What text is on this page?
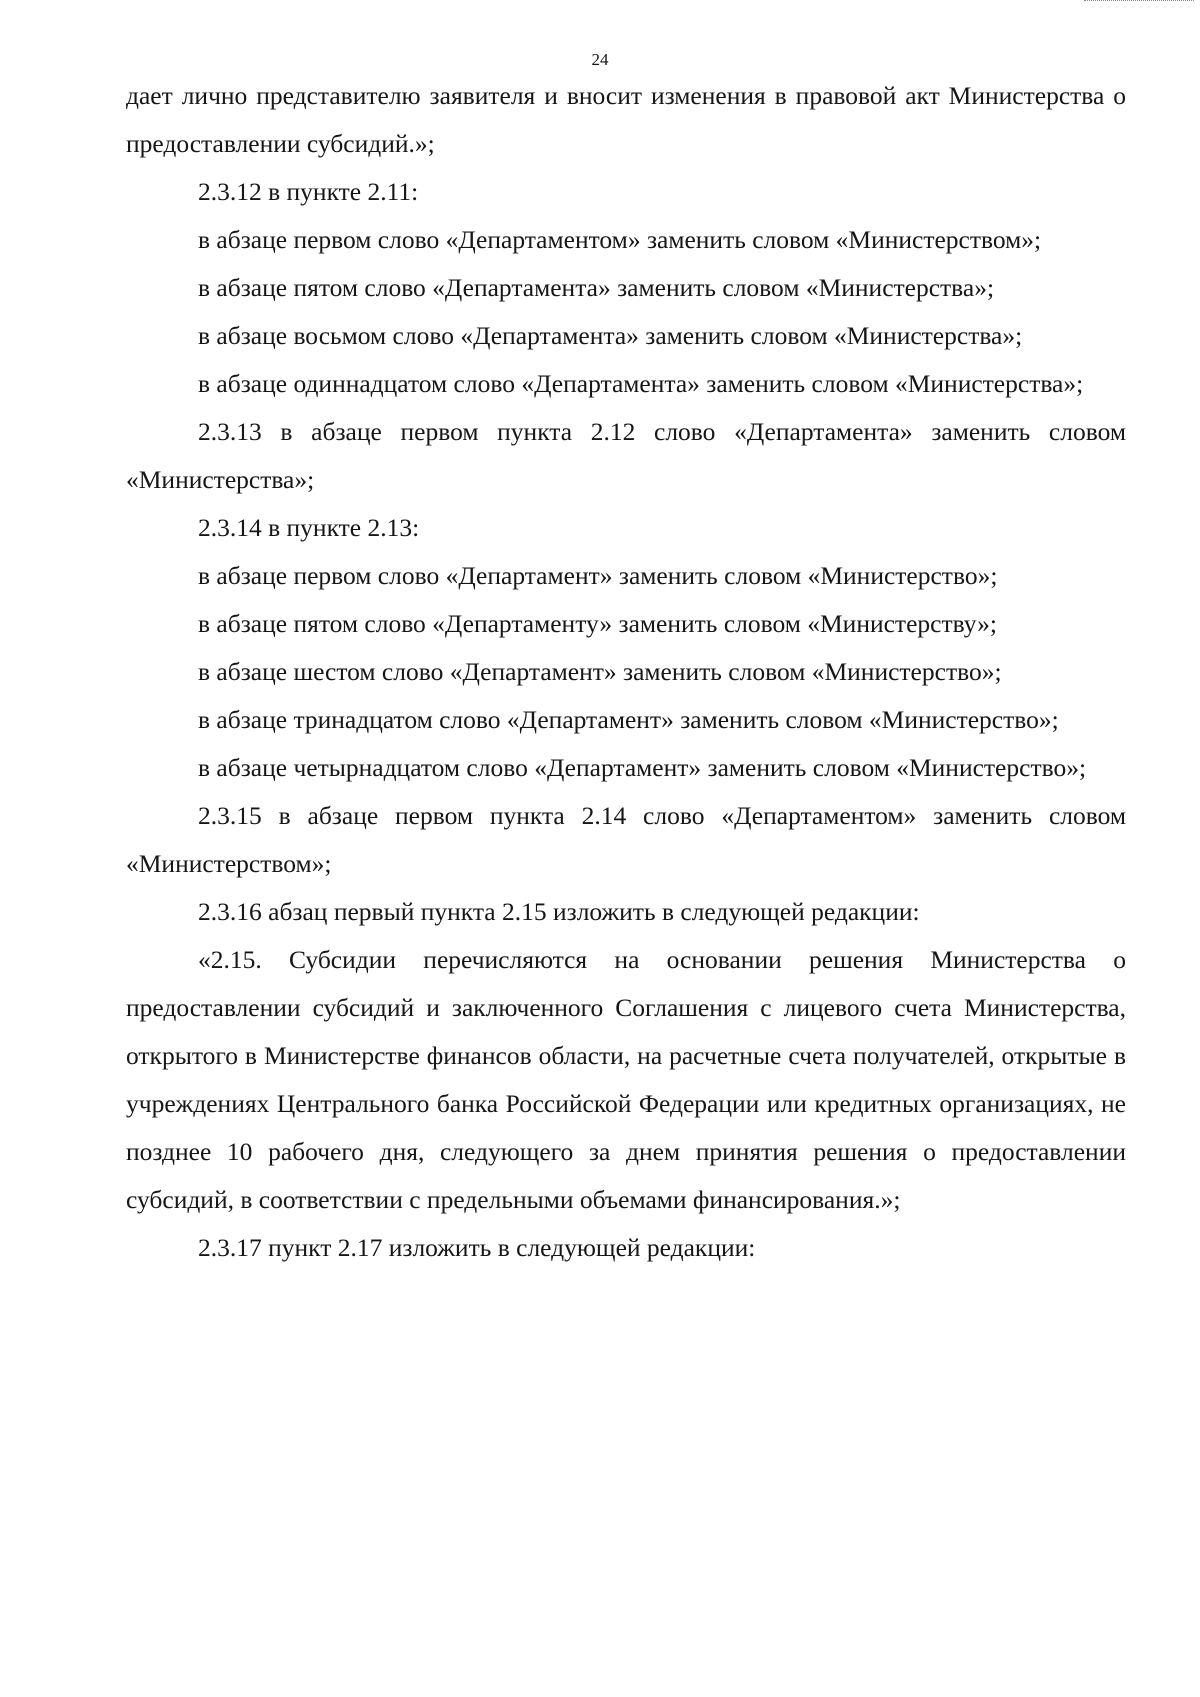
24

дает лично представителю заявителя и вносит изменения в правовой акт Министерства о предоставлении субсидий.»;

2.3.12 в пункте 2.11:

в абзаце первом слово «Департаментом» заменить словом «Министерством»;

в абзаце пятом слово «Департамента» заменить словом «Министерства»;

в абзаце восьмом слово «Департамента» заменить словом «Министерства»;

в абзаце одиннадцатом слово «Департамента» заменить словом «Министерства»;

2.3.13 в абзаце первом пункта 2.12 слово «Департамента» заменить словом «Министерства»;

2.3.14 в пункте 2.13:

в абзаце первом слово «Департамент» заменить словом «Министерство»;

в абзаце пятом слово «Департаменту» заменить словом «Министерству»;

в абзаце шестом слово «Департамент» заменить словом «Министерство»;

в абзаце тринадцатом слово «Департамент» заменить словом «Министерство»;

в абзаце четырнадцатом слово «Департамент» заменить словом «Министерство»;

2.3.15 в абзаце первом пункта 2.14 слово «Департаментом» заменить словом «Министерством»;

2.3.16 абзац первый пункта 2.15 изложить в следующей редакции:

«2.15. Субсидии перечисляются на основании решения Министерства о предоставлении субсидий и заключенного Соглашения с лицевого счета Министерства, открытого в Министерстве финансов области, на расчетные счета получателей, открытые в учреждениях Центрального банка Российской Федерации или кредитных организациях, не позднее 10 рабочего дня, следующего за днем принятия решения о предоставлении субсидий, в соответствии с предельными объемами финансирования.»;

2.3.17 пункт 2.17 изложить в следующей редакции:
